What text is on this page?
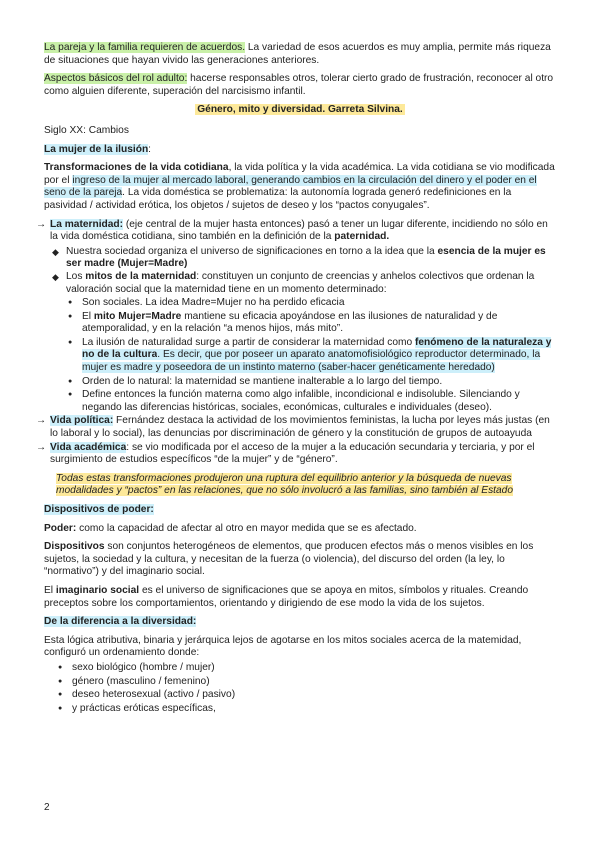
La pareja y la familia requieren de acuerdos. La variedad de esos acuerdos es muy amplia, permite más riqueza de situaciones que hayan vivido las generaciones anteriores.

Aspectos básicos del rol adulto: hacerse responsables otros, tolerar cierto grado de frustración, reconocer al otro como alguien diferente, superación del narcisismo infantil.

Género, mito y diversidad. Garreta Silvina.

Siglo XX: Cambios

La mujer de la ilusión:

Transformaciones de la vida cotidiana, la vida política y la vida académica. La vida cotidiana se vio modificada por el ingreso de la mujer al mercado laboral, generando cambios en la circulación del dinero y el poder en el seno de la pareja. La vida doméstica se problematiza: la autonomía lograda generó redefiniciones en la pasividad / actividad erótica, los objetos / sujetos de deseo y los “pactos conyugales”.

→ La maternidad: (eje central de la mujer hasta entonces) pasó a tener un lugar diferente, incidiendo no sólo en la vida doméstica cotidiana, sino también en la definición de la paternidad.
◆ Nuestra sociedad organiza el universo de significaciones en torno a la idea que la esencia de la mujer es ser madre (Mujer=Madre)
◆ Los mitos de la maternidad: constituyen un conjunto de creencias y anhelos colectivos que ordenan la valoración social que la maternidad tiene en un momento determinado:
● Son sociales. La idea Madre=Mujer no ha perdido eficacia
● El mito Mujer=Madre mantiene su eficacia apoyándose en las ilusiones de naturalidad y de atemporalidad, y en la relación “a menos hijos, más mito”.
● La ilusión de naturalidad surge a partir de considerar la maternidad como fenómeno de la naturaleza y no de la cultura. Es decir, que por poseer un aparato anatomofisiológico reproductor determinado, la mujer es madre y poseedora de un instinto materno (saber-hacer genéticamente heredado)
● Orden de lo natural: la maternidad se mantiene inalterable a lo largo del tiempo.
● Define entonces la función materna como algo infalible, incondicional e indisoluble. Silenciando y negando las diferencias históricas, sociales, económicas, culturales e individuales (deseo).
→ Vida política: Fernández destaca la actividad de los movimientos feministas, la lucha por leyes más justas (en lo laboral y lo social), las denuncias por discriminación de género y la constitución de grupos de autoayuda
→ Vida académica: se vio modificada por el acceso de la mujer a la educación secundaria y terciaria, y por el surgimiento de estudios específicos “de la mujer” y de “género”.
Todas estas transformaciones produjeron una ruptura del equilibrio anterior y la búsqueda de nuevas modalidades y “pactos” en las relaciones, que no sólo involucró a las familias, sino también al Estado

Dispositivos de poder:

Poder: como la capacidad de afectar al otro en mayor medida que se es afectado.

Dispositivos son conjuntos heterogéneos de elementos, que producen efectos más o menos visibles en los sujetos, la sociedad y la cultura, y necesitan de la fuerza (o violencia), del discurso del orden (la ley, lo “normativo”) y del imaginario social.

El imaginario social es el universo de significaciones que se apoya en mitos, símbolos y rituales. Creando preceptos sobre los comportamientos, orientando y dirigiendo de ese modo la vida de los sujetos.

De la diferencia a la diversidad:

Esta lógica atributiva, binaria y jerárquica lejos de agotarse en los mitos sociales acerca de la matemidad, configuró un ordenamiento donde:

● sexo biológico (hombre / mujer)
● género (masculino / femenino)
● deseo heterosexual (activo / pasivo)
● y prácticas eróticas específicas,
2
